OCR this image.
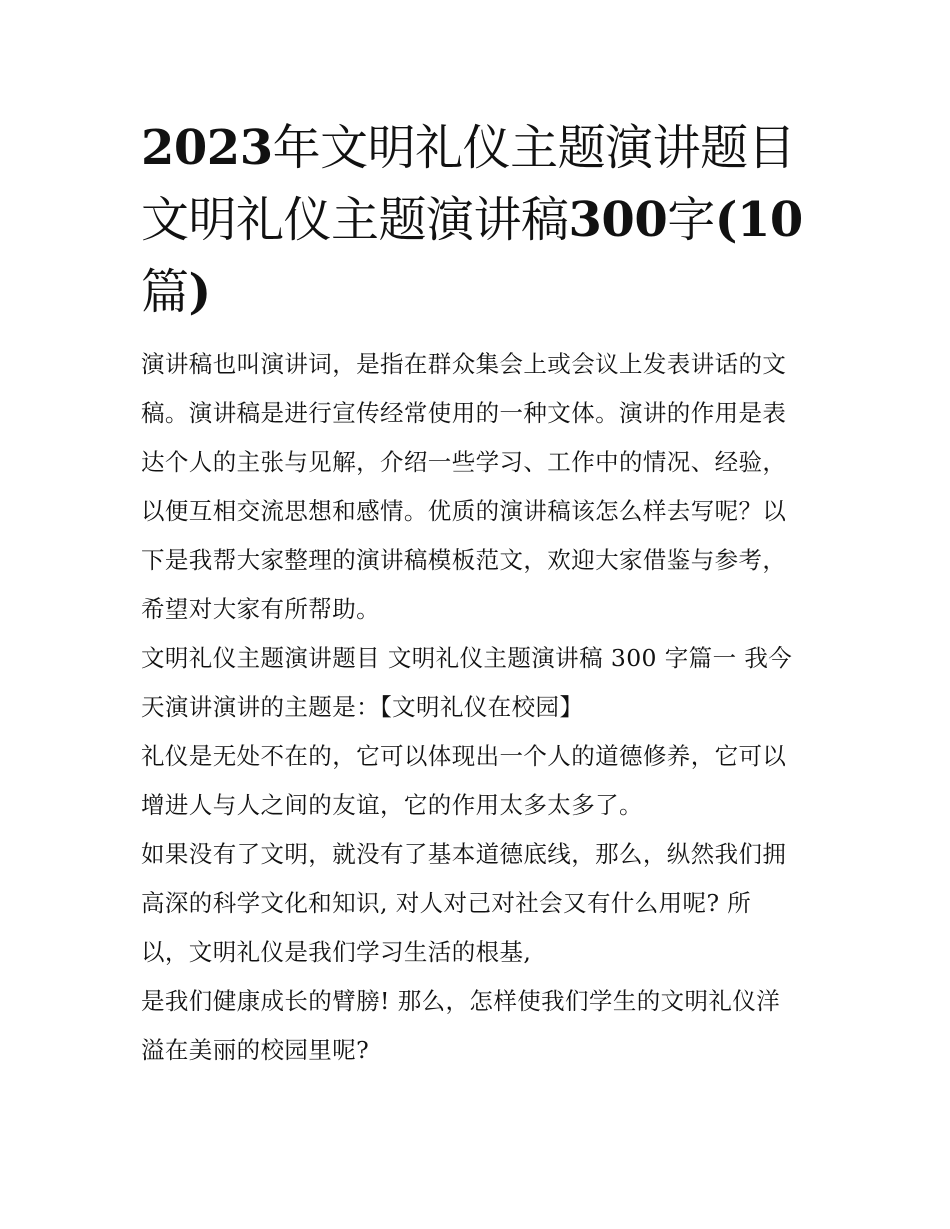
2023年文明礼仪主题演讲题目
文明礼仪主题演讲稿300字(10
篇)

演讲稿也叫演讲词，是指在群众集会上或会议上发表讲话的文
稿。演讲稿是进行宣传经常使用的一种文体。演讲的作用是表
达个人的主张与见解，介绍一些学习、工作中的情况、经验，
以便互相交流思想和感情。优质的演讲稿该怎么样去写呢？以
下是我帮大家整理的演讲稿模板范文，欢迎大家借鉴与参考，
希望对大家有所帮助。

文明礼仪主题演讲题目 文明礼仪主题演讲稿 300 字篇一 我今
天演讲演讲的主题是：【文明礼仪在校园】

礼仪是无处不在的，它可以体现出一个人的道德修养，它可以
增进人与人之间的友谊，它的作用太多太多了。

如果没有了文明，就没有了基本道德底线，那么，纵然我们拥
高深的科学文化和知识, 对人对己对社会又有什么用呢? 所
以，文明礼仪是我们学习生活的根基,

是我们健康成长的臂膀! 那么，怎样使我们学生的文明礼仪洋
溢在美丽的校园里呢?
